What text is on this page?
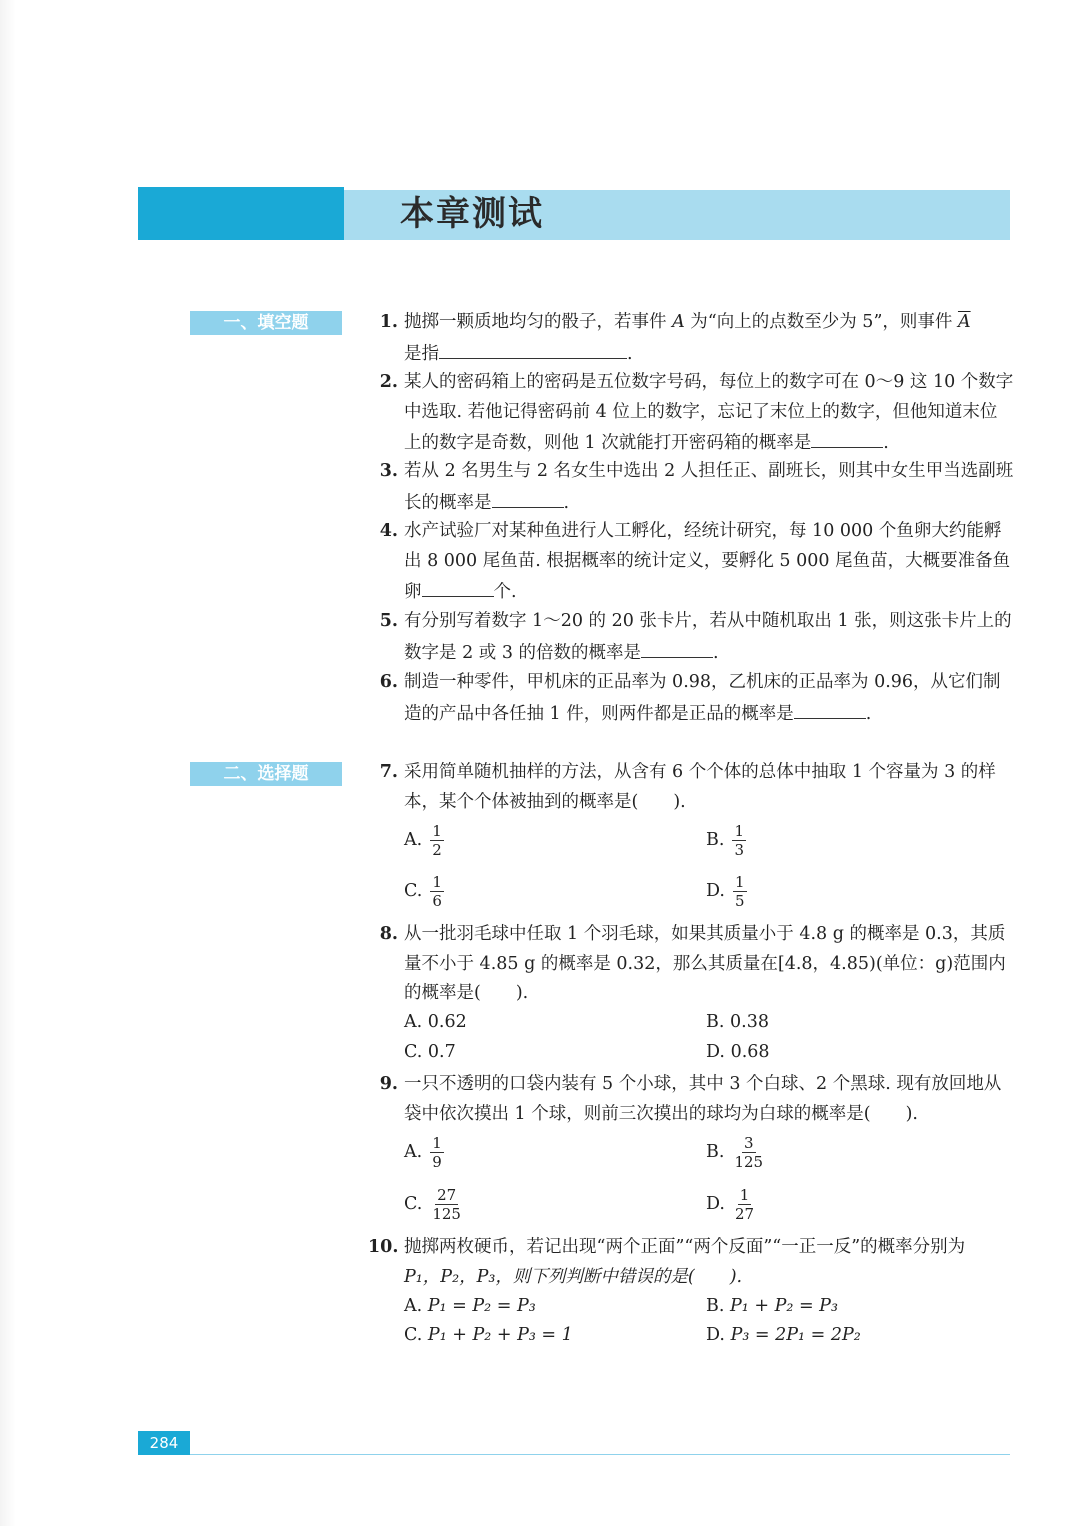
本章测试
一、填空题
二、选择题
1. 抛掷一颗质地均匀的骰子，若事件 A 为“向上的点数至少为 5”，则事件 $\overline{A}$
是指	.
2. 某人的密码箱上的密码是五位数字号码，每位上的数字可在 0～9 这 10 个数字中选取. 若他记得密码前 4 位上的数字，忘记了末位上的数字，但他知道末位上的数字是奇数，则他 1 次就能打开密码箱的概率是	.
3. 若从 2 名男生与 2 名女生中选出 2 人担任正、副班长，则其中女生甲当选副班长的概率是	.
4. 水产试验厂对某种鱼进行人工孵化，经统计研究，每 10 000 个鱼卵大约能孵出 8 000 尾鱼苗. 根据概率的统计定义，要孵化 5 000 尾鱼苗，大概要准备鱼卵	个.
5. 有分别写着数字 1～20 的 20 张卡片，若从中随机取出 1 张，则这张卡片上的数字是 2 或 3 的倍数的概率是	.
6. 制造一种零件，甲机床的正品率为 0.98，乙机床的正品率为 0.96，从它们制造的产品中各任抽 1 件，则两件都是正品的概率是	.
7. 采用简单随机抽样的方法，从含有 6 个个体的总体中抽取 1 个容量为 3 的样本，某个个体被抽到的概率是(　　).
A. $\frac{1}{2}$	B. $\frac{1}{3}$
C. $\frac{1}{6}$	D. $\frac{1}{5}$
8. 从一批羽毛球中任取 1 个羽毛球，如果其质量小于 4.8 g 的概率是 0.3，其质量不小于 4.85 g 的概率是 0.32，那么其质量在[4.8，4.85)(单位：g)范围内的概率是(　　).
A. 0.62	B. 0.38
C. 0.7	D. 0.68
9. 一只不透明的口袋内装有 5 个小球，其中 3 个白球、2 个黑球. 现有放回地从袋中依次摸出 1 个球，则前三次摸出的球均为白球的概率是(　　).
A. $\frac{1}{9}$	B. $\frac{3}{125}$
C. $\frac{27}{125}$	D. $\frac{1}{27}$
10. 抛掷两枚硬币，若记出现“两个正面”“两个反面”“一正一反”的概率分别为
P₁，P₂，P₃，则下列判断中错误的是(　　).
A. P₁ = P₂ = P₃	B. P₁ + P₂ = P₃
C. P₁ + P₂ + P₃ = 1	D. P₃ = 2P₁ = 2P₂
284
